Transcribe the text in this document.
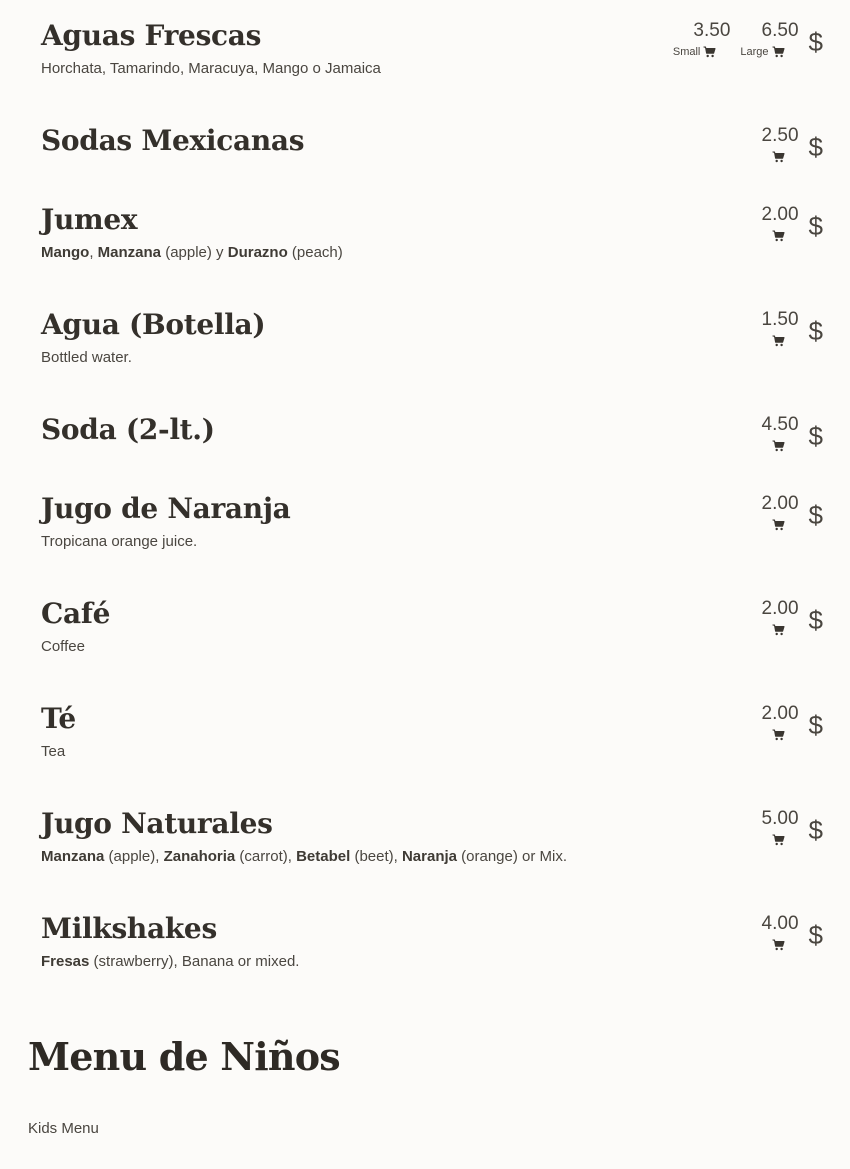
Aguas Frescas

Horchata, Tamarindo, Maracuya, Mango o Jamaica

3.50
Small
6.50
Large $
Sodas Mexicanas	2.50 $
Jumex

Mango, Manzana (apple) y Durazno (peach)

2.00 $
Agua (Botella)

Bottled water.

1.50 $
Soda (2-lt.)	4.50 $
Jugo de Naranja

Tropicana orange juice.

2.00 $
Café

Coffee

2.00 $
Té

Tea

2.00 $
Jugo Naturales

Manzana (apple), Zanahoria (carrot), Betabel (beet), Naranja (orange) or Mix.

5.00 $
Milkshakes

Fresas (strawberry), Banana or mixed.

4.00 $
Menu de Niños

Kids Menu
